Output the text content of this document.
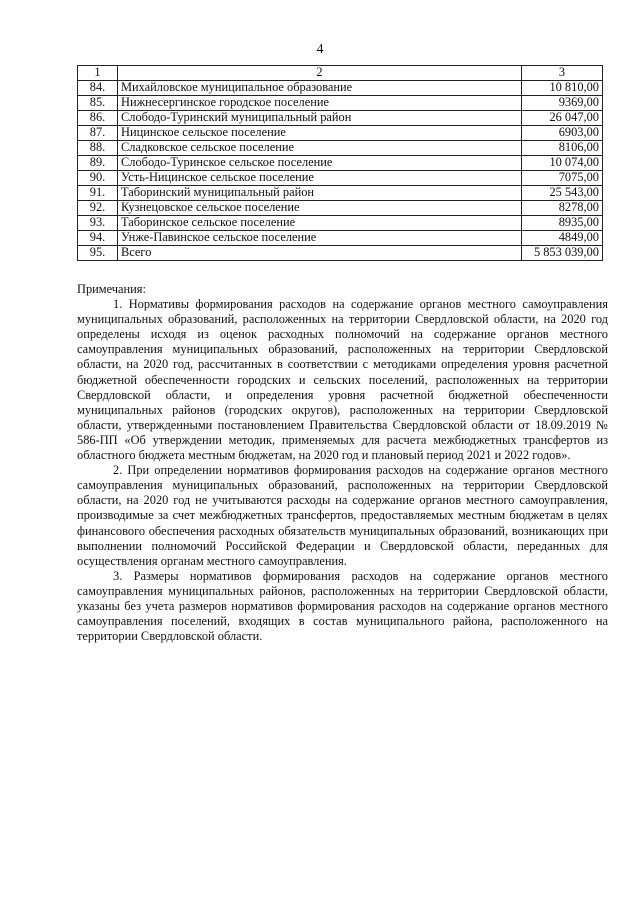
4
1	2	3
84.	Михайловское муниципальное образование	10 810,00
85.	Нижнесергинское городское поселение	9369,00
86.	Слободо-Туринский муниципальный район	26 047,00
87.	Ницинское сельское поселение	6903,00
88.	Сладковское сельское поселение	8106,00
89.	Слободо-Туринское сельское поселение	10 074,00
90.	Усть-Ницинское сельское поселение	7075,00
91.	Таборинский муниципальный район	25 543,00
92.	Кузнецовское сельское поселение	8278,00
93.	Таборинское сельское поселение	8935,00
94.	Унже-Павинское сельское поселение	4849,00
95.	Всего	5 853 039,00

Примечания:

1. Нормативы формирования расходов на содержание органов местного самоуправления муниципальных образований, расположенных на территории Свердловской области, на 2020 год определены исходя из оценок расходных полномочий на содержание органов местного самоуправления муниципальных образований, расположенных на территории Свердловской области, на 2020 год, рассчитанных в соответствии с методиками определения уровня расчетной бюджетной обеспеченности городских и сельских поселений, расположенных на территории Свердловской области, и определения уровня расчетной бюджетной обеспеченности муниципальных районов (городских округов), расположенных на территории Свердловской области, утвержденными постановлением Правительства Свердловской области от 18.09.2019 № 586-ПП «Об утверждении методик, применяемых для расчета межбюджетных трансфертов из областного бюджета местным бюджетам, на 2020 год и плановый период 2021 и 2022 годов».

2. При определении нормативов формирования расходов на содержание органов местного самоуправления муниципальных образований, расположенных на территории Свердловской области, на 2020 год не учитываются расходы на содержание органов местного самоуправления, производимые за счет межбюджетных трансфертов, предоставляемых местным бюджетам в целях финансового обеспечения расходных обязательств муниципальных образований, возникающих при выполнении полномочий Российской Федерации и Свердловской области, переданных для осуществления органам местного самоуправления.

3. Размеры нормативов формирования расходов на содержание органов местного самоуправления муниципальных районов, расположенных на территории Свердловской области, указаны без учета размеров нормативов формирования расходов на содержание органов местного самоуправления поселений, входящих в состав муниципального района, расположенного на территории Свердловской области.
